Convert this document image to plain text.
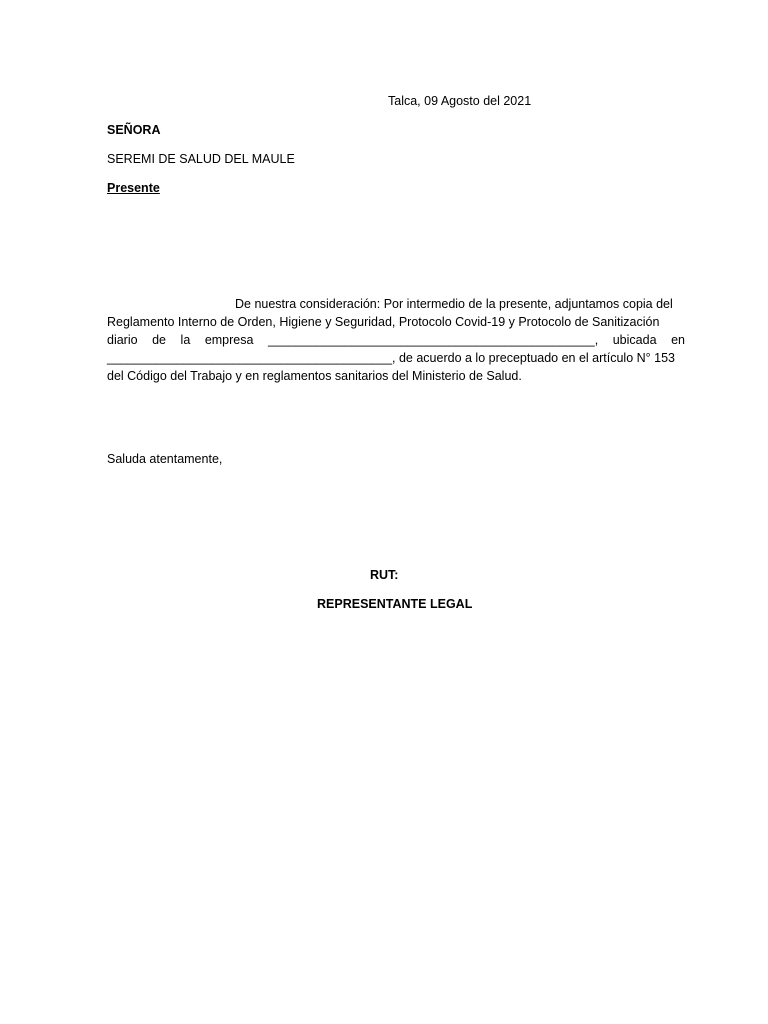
Talca, 09 Agosto del 2021
SEÑORA
SEREMI DE SALUD DEL MAULE
Presente
De nuestra consideración: Por intermedio de la presente, adjuntamos copia del
Reglamento Interno de Orden, Higiene y Seguridad, Protocolo Covid-19 y Protocolo de Sanitización
diario de la empresa _______________________________________________, ubicada en
_________________________________________, de acuerdo a lo preceptuado en el artículo N° 153
del Código del Trabajo y en reglamentos sanitarios del Ministerio de Salud.
Saluda atentamente,
RUT:
REPRESENTANTE LEGAL
